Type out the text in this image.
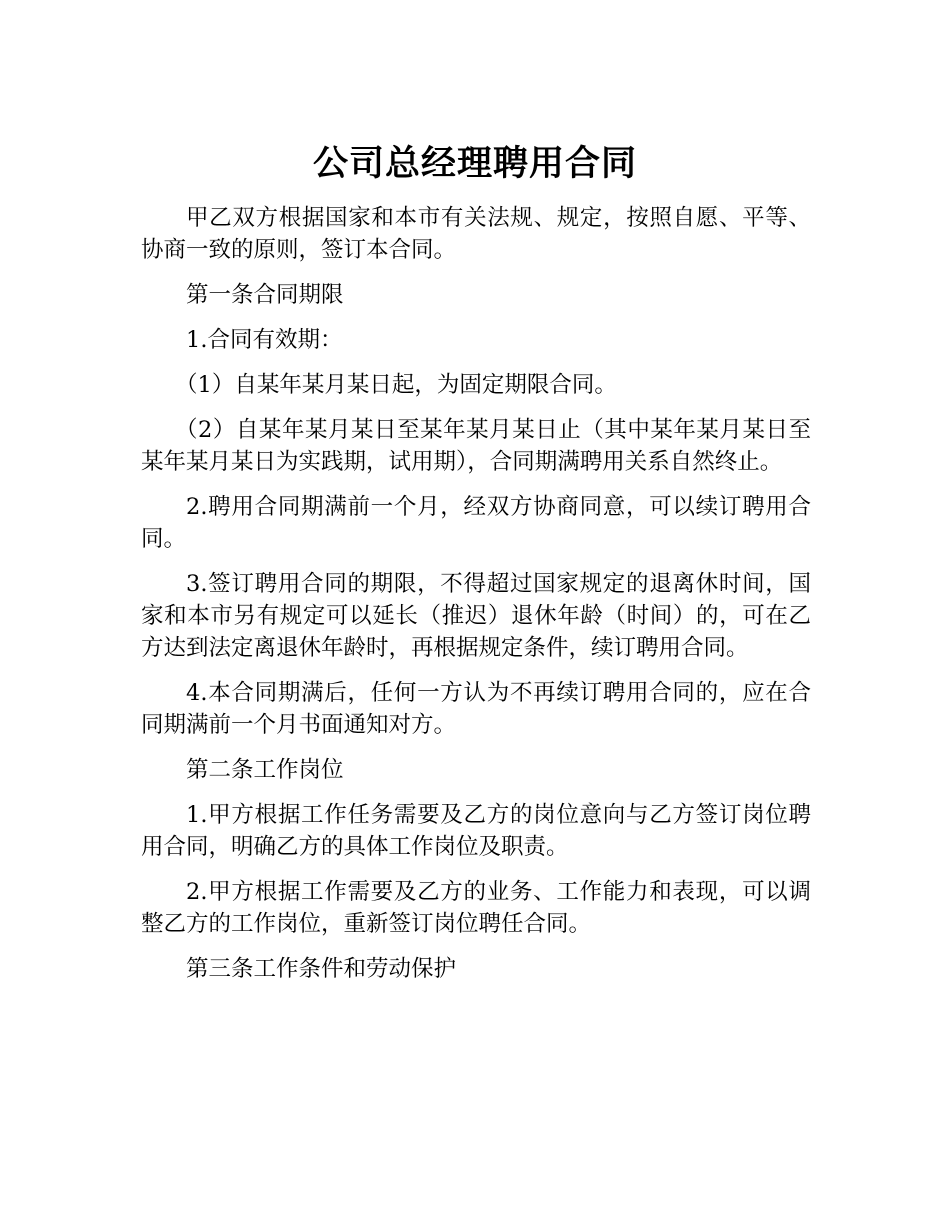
公司总经理聘用合同

甲乙双方根据国家和本市有关法规、规定，按照自愿、平等、协商一致的原则，签订本合同。

第一条合同期限

1.合同有效期：

（1）自某年某月某日起，为固定期限合同。

（2）自某年某月某日至某年某月某日止（其中某年某月某日至某年某月某日为实践期，试用期），合同期满聘用关系自然终止。

2.聘用合同期满前一个月，经双方协商同意，可以续订聘用合同。

3.签订聘用合同的期限，不得超过国家规定的退离休时间，国家和本市另有规定可以延长（推迟）退休年龄（时间）的，可在乙方达到法定离退休年龄时，再根据规定条件，续订聘用合同。

4.本合同期满后，任何一方认为不再续订聘用合同的，应在合同期满前一个月书面通知对方。

第二条工作岗位

1.甲方根据工作任务需要及乙方的岗位意向与乙方签订岗位聘用合同，明确乙方的具体工作岗位及职责。

2.甲方根据工作需要及乙方的业务、工作能力和表现，可以调整乙方的工作岗位，重新签订岗位聘任合同。

第三条工作条件和劳动保护
